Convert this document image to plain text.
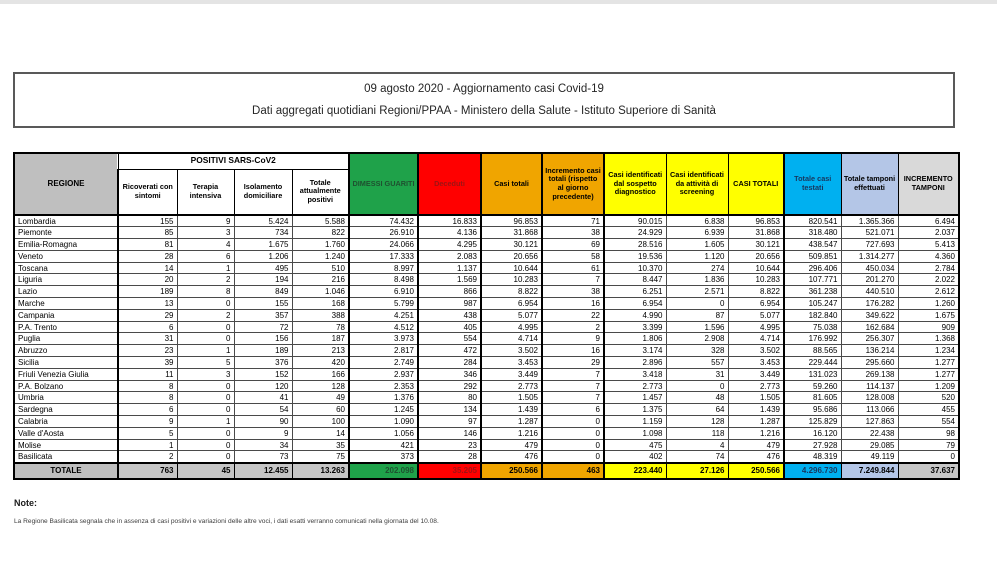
09 agosto 2020 - Aggiornamento casi Covid-19

Dati aggregati quotidiani Regioni/PPAA - Ministero della Salute - Istituto Superiore di Sanità

REGIONE	POSITIVI SARS-CoV2				DIMESSI GUARITI	Deceduti	Casi totali	Incremento casi totali (rispetto al giorno precedente)	Casi identificati dal sospetto diagnostico	Casi identificati da attività di screening	CASI TOTALI	Totale casi testati	Totale tamponi effettuati	INCREMENTO TAMPONI
	Ricoverati con sintomi	Terapia intensiva	Isolamento domiciliare	Totale attualmente positivi										
Lombardia	155	9	5.424	5.588	74.432	16.833	96.853	71	90.015	6.838	96.853	820.541	1.365.366	6.494
Piemonte	85	3	734	822	26.910	4.136	31.868	38	24.929	6.939	31.868	318.480	521.071	2.037
Emilia-Romagna	81	4	1.675	1.760	24.066	4.295	30.121	69	28.516	1.605	30.121	438.547	727.693	5.413
Veneto	28	6	1.206	1.240	17.333	2.083	20.656	58	19.536	1.120	20.656	509.851	1.314.277	4.360
Toscana	14	1	495	510	8.997	1.137	10.644	61	10.370	274	10.644	296.406	450.034	2.784
Liguria	20	2	194	216	8.498	1.569	10.283	7	8.447	1.836	10.283	107.771	201.270	2.022
Lazio	189	8	849	1.046	6.910	866	8.822	38	6.251	2.571	8.822	361.238	440.510	2.612
Marche	13	0	155	168	5.799	987	6.954	16	6.954	0	6.954	105.247	176.282	1.260
Campania	29	2	357	388	4.251	438	5.077	22	4.990	87	5.077	182.840	349.622	1.675
P.A. Trento	6	0	72	78	4.512	405	4.995	2	3.399	1.596	4.995	75.038	162.684	909
Puglia	31	0	156	187	3.973	554	4.714	9	1.806	2.908	4.714	176.992	256.307	1.368
Abruzzo	23	1	189	213	2.817	472	3.502	16	3.174	328	3.502	88.565	136.214	1.234
Sicilia	39	5	376	420	2.749	284	3.453	29	2.896	557	3.453	229.444	295.660	1.277
Friuli Venezia Giulia	11	3	152	166	2.937	346	3.449	7	3.418	31	3.449	131.023	269.138	1.277
P.A. Bolzano	8	0	120	128	2.353	292	2.773	7	2.773	0	2.773	59.260	114.137	1.209
Umbria	8	0	41	49	1.376	80	1.505	7	1.457	48	1.505	81.605	128.008	520
Sardegna	6	0	54	60	1.245	134	1.439	6	1.375	64	1.439	95.686	113.066	455
Calabria	9	1	90	100	1.090	97	1.287	0	1.159	128	1.287	125.829	127.863	554
Valle d'Aosta	5	0	9	14	1.056	146	1.216	0	1.098	118	1.216	16.120	22.438	98
Molise	1	0	34	35	421	23	479	0	475	4	479	27.928	29.085	79
Basilicata	2	0	73	75	373	28	476	0	402	74	476	48.319	49.119	0
TOTALE	763	45	12.455	13.263	202.098	35.205	250.566	463	223.440	27.126	250.566	4.296.730	7.249.844	37.637

Note:

La Regione Basilicata segnala che in assenza di casi positivi e variazioni delle altre voci, i dati esatti verranno comunicati nella giornata del 10.08.
